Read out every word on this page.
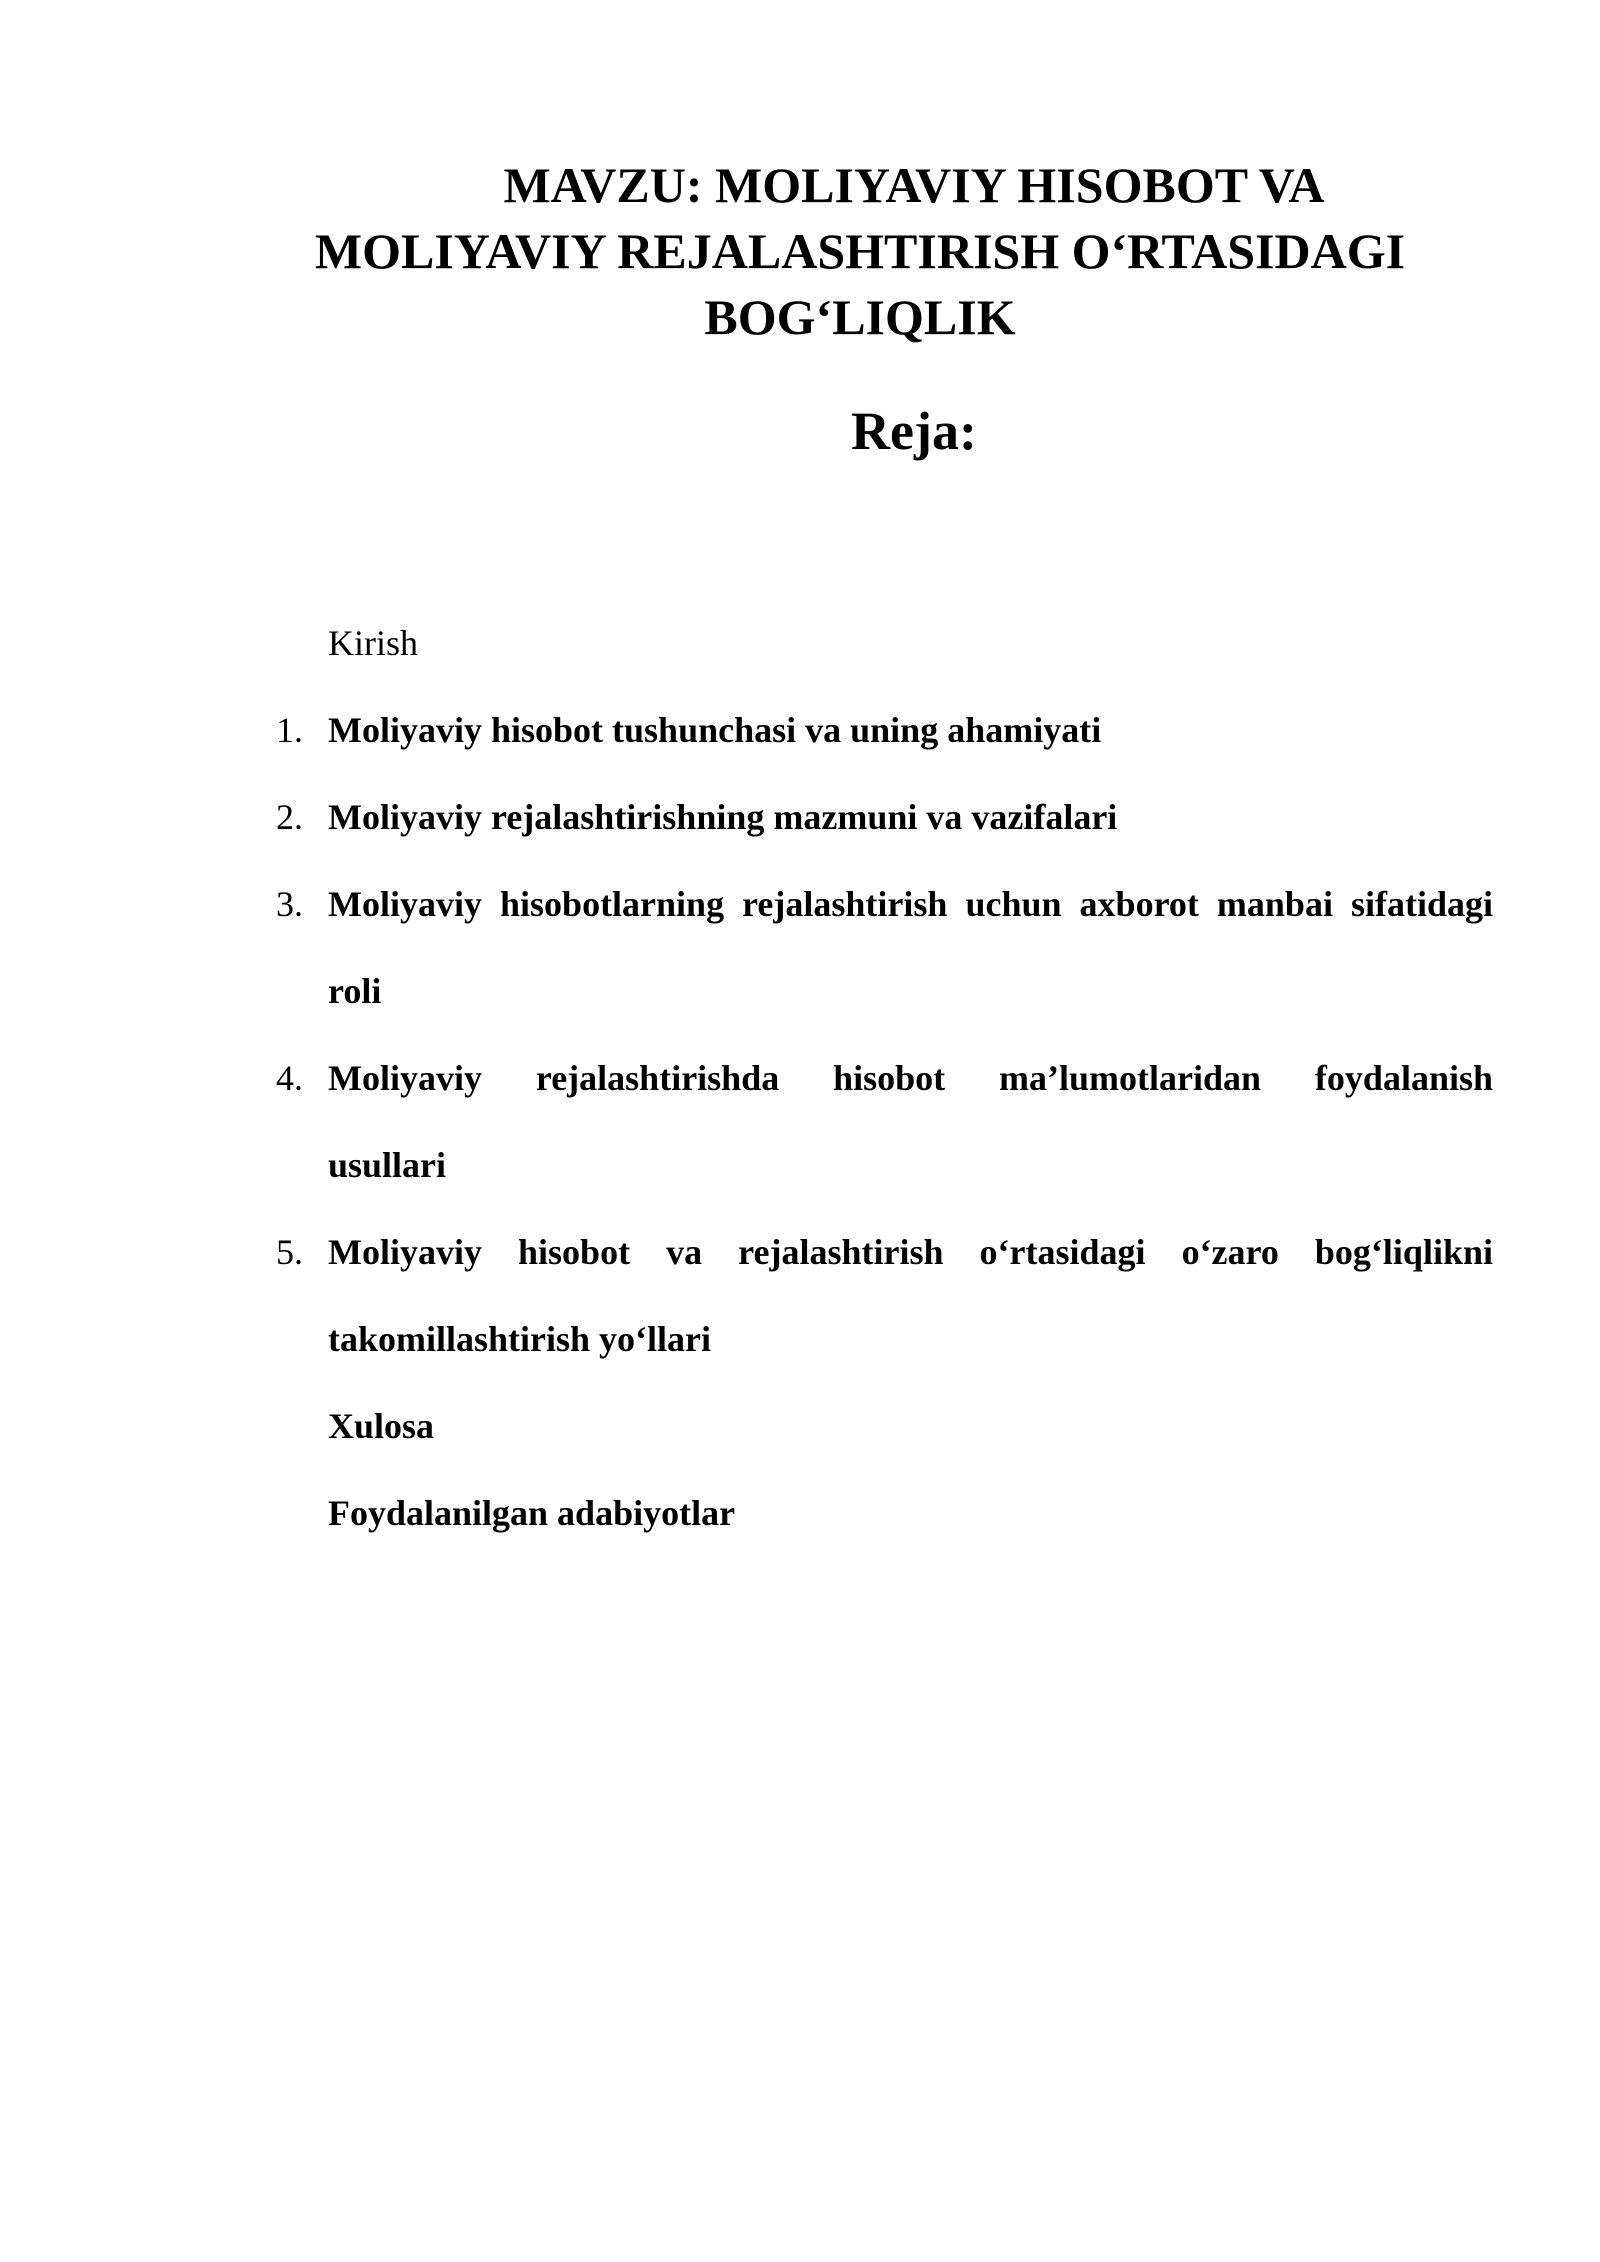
MAVZU: MOLIYAVIY HISOBOT VA
MOLIYAVIY REJALASHTIRISH O‘RTASIDAGI
BOG‘LIQLIK
Reja:
Kirish
1. Moliyaviy hisobot tushunchasi va uning ahamiyati
2. Moliyaviy rejalashtirishning mazmuni va vazifalari
3. Moliyaviy hisobotlarning rejalashtirish uchun axborot manbai sifatidagi
roli
4. Moliyaviy rejalashtirishda hisobot ma’lumotlaridan foydalanish
usullari
5. Moliyaviy hisobot va rejalashtirish o‘rtasidagi o‘zaro bog‘liqlikni
takomillashtirish yo‘llari
Xulosa
Foydalanilgan adabiyotlar
